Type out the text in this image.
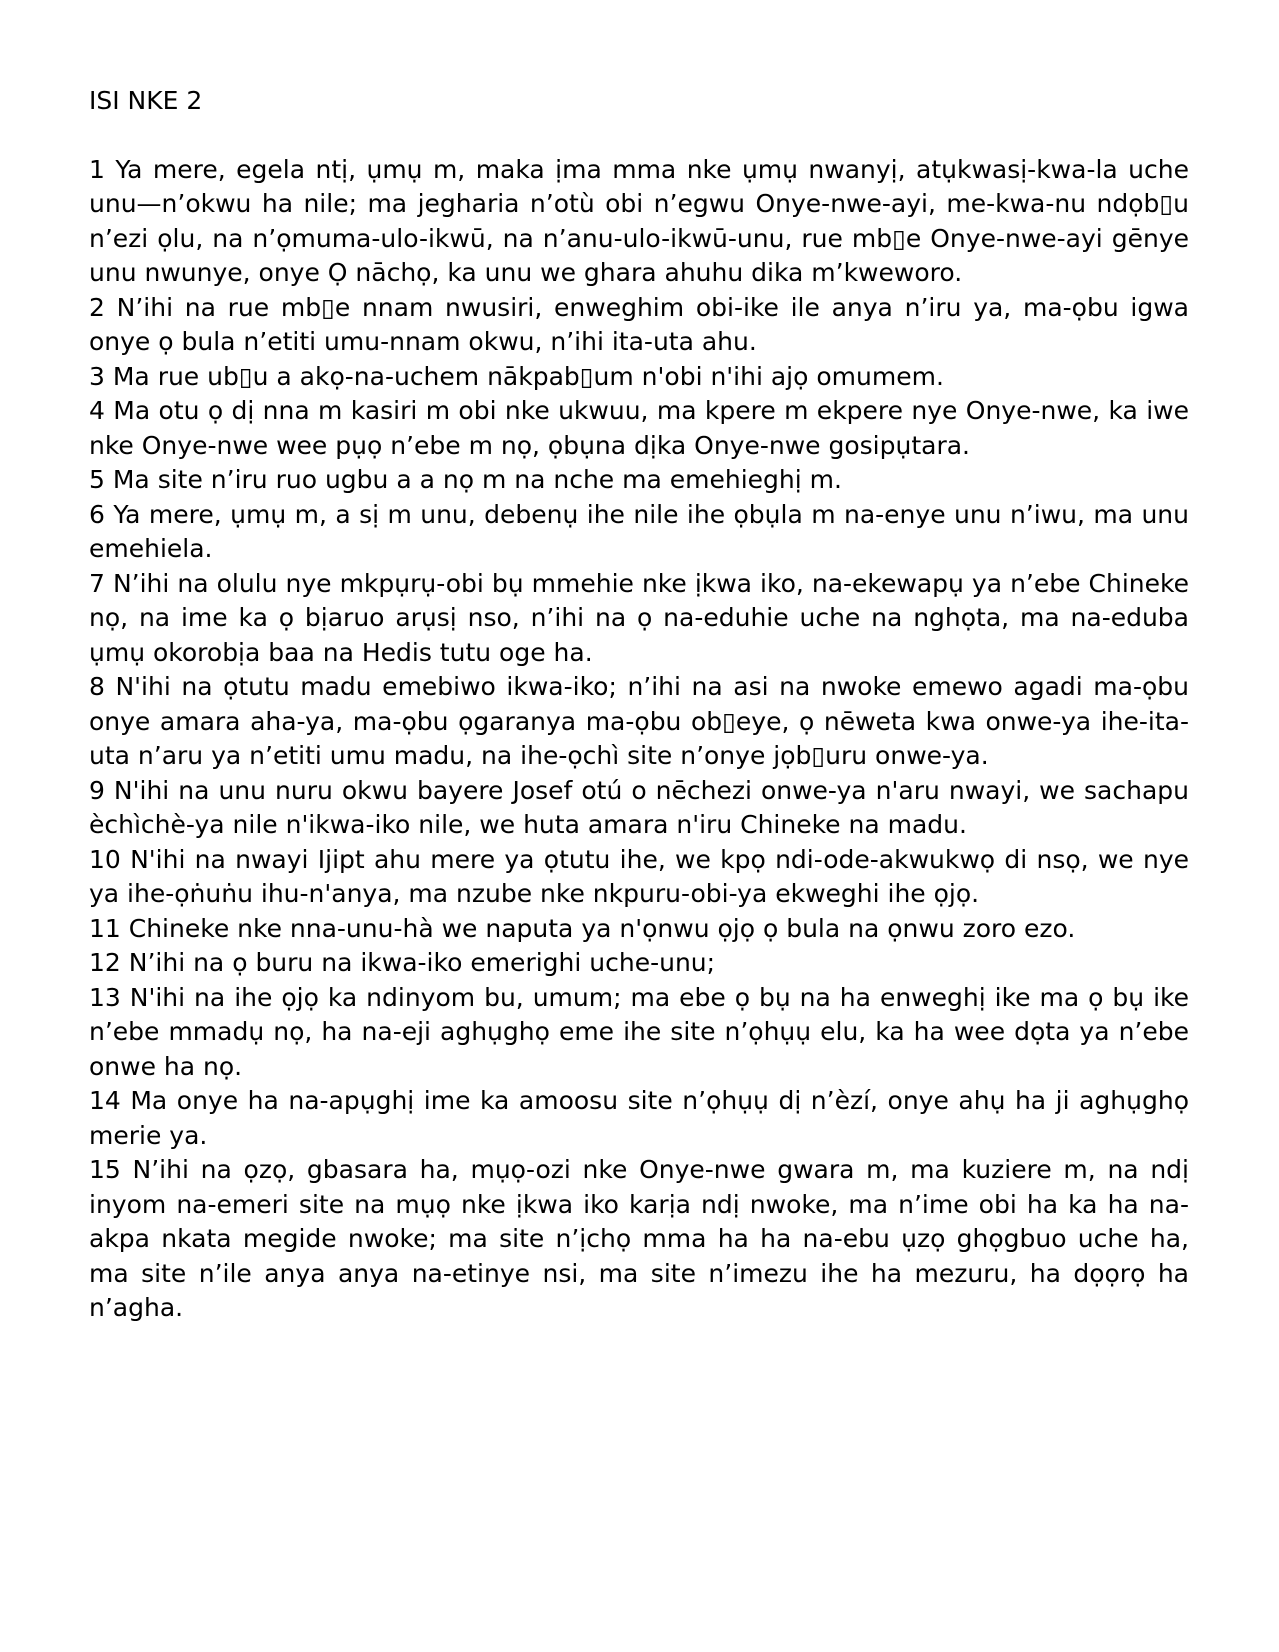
ISI NKE 2

1 Ya mere, egela ntị, ụmụ m, maka ịma mma nke ụmụ nwanyị, atụkwasị-kwa-la uche unu—n’okwu ha nile; ma jegharia n’otù obi n’egwu Onye-nwe-ayi, me-kwa-nu ndọb▯u n’ezi ọlu, na n’ọmuma-ulo-ikwū, na n’anu-ulo-ikwū-unu, rue mb▯e Onye-nwe-ayi gēnye unu nwunye, onye Ọ nāchọ, ka unu we ghara ahuhu dika m’kweworo.

2 N’ihi na rue mb▯e nnam nwusiri, enweghim obi-ike ile anya n’iru ya, ma-ọbu igwa onye ọ bula n’etiti umu-nnam okwu, n’ihi ita-uta ahu.

3 Ma rue ub▯u a akọ-na-uchem nākpab▯um n'obi n'ihi ajọ omumem.

4 Ma otu ọ dị nna m kasiri m obi nke ukwuu, ma kpere m ekpere nye Onye-nwe, ka iwe nke Onye-nwe wee pụọ n’ebe m nọ, ọbụna dịka Onye-nwe gosipụtara.

5 Ma site n’iru ruo ugbu a a nọ m na nche ma emehieghị m.

6 Ya mere, ụmụ m, a sị m unu, debenụ ihe nile ihe ọbụla m na-enye unu n’iwu, ma unu emehiela.

7 N’ihi na olulu nye mkpụrụ-obi bụ mmehie nke ịkwa iko, na-ekewapụ ya n’ebe Chineke nọ, na ime ka ọ bịaruo arụsị nso, n’ihi na ọ na-eduhie uche na nghọta, ma na-eduba ụmụ okorobịa baa na Hedis tutu oge ha.

8 N'ihi na ọtutu madu emebiwo ikwa-iko; n’ihi na asi na nwoke emewo agadi ma-ọbu onye amara aha-ya, ma-ọbu ọgaranya ma-ọbu ob▯eye, ọ nēweta kwa onwe-ya ihe-ita-uta n’aru ya n’etiti umu madu, na ihe-ọchì site n’onye jọb▯uru onwe-ya.

9 N'ihi na unu nuru okwu bayere Josef otú o nēchezi onwe-ya n'aru nwayi, we sachapu èchìchè-ya nile n'ikwa-iko nile, we huta amara n'iru Chineke na madu.

10 N'ihi na nwayi Ijipt ahu mere ya ọtutu ihe, we kpọ ndi-ode-akwukwọ di nsọ, we nye ya ihe-ọṅuṅu ihu-n'anya, ma nzube nke nkpuru-obi-ya ekweghi ihe ọjọ.

11 Chineke nke nna-unu-hà we naputa ya n'ọnwu ọjọ ọ bula na ọnwu zoro ezo.

12 N’ihi na ọ buru na ikwa-iko emerighi uche-unu;

13 N'ihi na ihe ọjọ ka ndinyom bu, umum; ma ebe ọ bụ na ha enweghị ike ma ọ bụ ike n’ebe mmadụ nọ, ha na-eji aghụghọ eme ihe site n’ọhụụ elu, ka ha wee dọta ya n’ebe onwe ha nọ.

14 Ma onye ha na-apụghị ime ka amoosu site n’ọhụụ dị n’èzí, onye ahụ ha ji aghụghọ merie ya.

15 N’ihi na ọzọ, gbasara ha, mụọ-ozi nke Onye-nwe gwara m, ma kuziere m, na ndị inyom na-emeri site na mụọ nke ịkwa iko karịa ndị nwoke, ma n’ime obi ha ka ha na-akpa nkata megide nwoke; ma site n’ịchọ mma ha ha na-ebu ụzọ ghọgbuo uche ha, ma site n’ile anya anya na-etinye nsi, ma site n’imezu ihe ha mezuru, ha dọọrọ ha n’agha.
